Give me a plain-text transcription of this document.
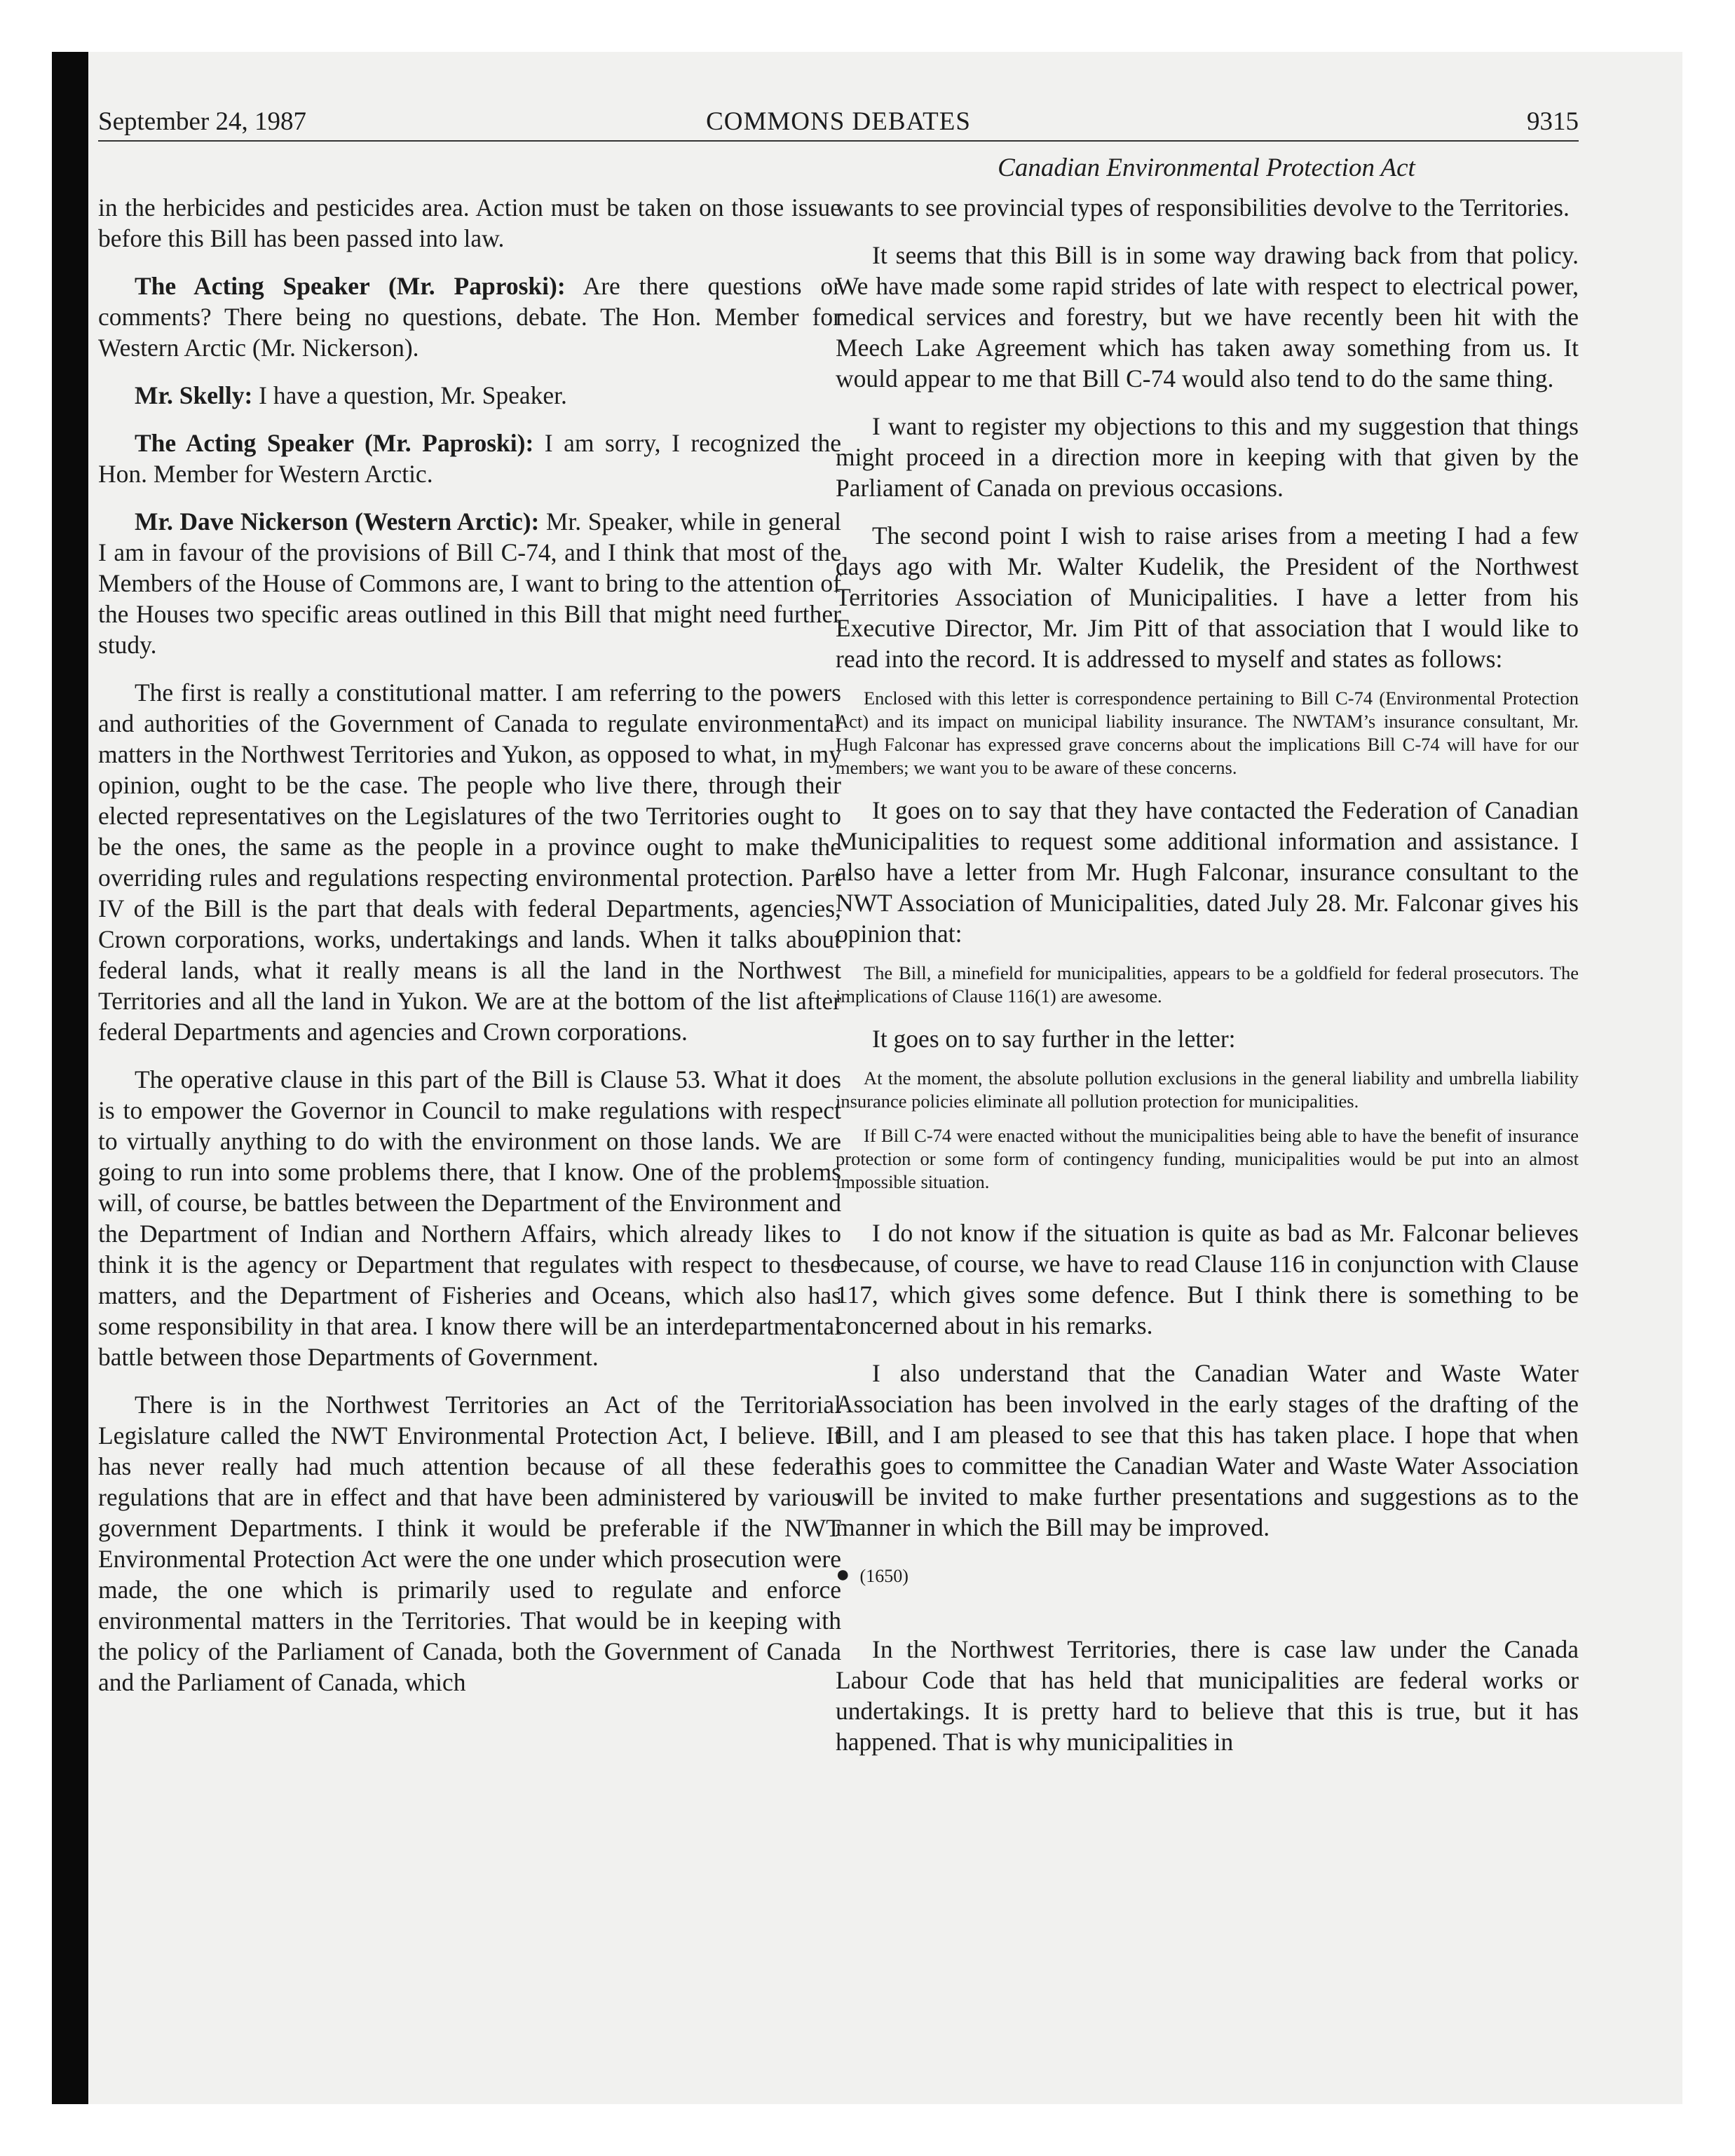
September 24, 1987	COMMONS DEBATES	9315
Canadian Environmental Protection Act

in the herbicides and pesticides area. Action must be taken on those issue before this Bill has been passed into law.

The Acting Speaker (Mr. Paproski): Are there questions or comments? There being no questions, debate. The Hon. Member for Western Arctic (Mr. Nickerson).

Mr. Skelly: I have a question, Mr. Speaker.

The Acting Speaker (Mr. Paproski): I am sorry, I recognized the Hon. Member for Western Arctic.

Mr. Dave Nickerson (Western Arctic): Mr. Speaker, while in general I am in favour of the provisions of Bill C-74, and I think that most of the Members of the House of Commons are, I want to bring to the attention of the Houses two specific areas outlined in this Bill that might need further study.

The first is really a constitutional matter. I am referring to the powers and authorities of the Government of Canada to regulate environmental matters in the Northwest Territories and Yukon, as opposed to what, in my opinion, ought to be the case. The people who live there, through their elected representatives on the Legislatures of the two Territories ought to be the ones, the same as the people in a province ought to make the overriding rules and regulations respecting environmental protection. Part IV of the Bill is the part that deals with federal Departments, agencies, Crown corporations, works, undertakings and lands. When it talks about federal lands, what it really means is all the land in the Northwest Territories and all the land in Yukon. We are at the bottom of the list after federal Departments and agencies and Crown corporations.

The operative clause in this part of the Bill is Clause 53. What it does is to empower the Governor in Council to make regulations with respect to virtually anything to do with the environment on those lands. We are going to run into some problems there, that I know. One of the problems will, of course, be battles between the Department of the Environment and the Department of Indian and Northern Affairs, which already likes to think it is the agency or Department that regulates with respect to these matters, and the Department of Fisheries and Oceans, which also has some responsibility in that area. I know there will be an interdepartmental battle between those Departments of Government.

There is in the Northwest Territories an Act of the Territorial Legislature called the NWT Environmental Protection Act, I believe. It has never really had much attention because of all these federal regulations that are in effect and that have been administered by various government Departments. I think it would be preferable if the NWT Environmental Protection Act were the one under which prosecution were made, the one which is primarily used to regulate and enforce environmental matters in the Territories. That would be in keeping with the policy of the Parliament of Canada, both the Government of Canada and the Parliament of Canada, which

wants to see provincial types of responsibilities devolve to the Territories.

It seems that this Bill is in some way drawing back from that policy. We have made some rapid strides of late with respect to electrical power, medical services and forestry, but we have recently been hit with the Meech Lake Agreement which has taken away something from us. It would appear to me that Bill C-74 would also tend to do the same thing.

I want to register my objections to this and my suggestion that things might proceed in a direction more in keeping with that given by the Parliament of Canada on previous occasions.

The second point I wish to raise arises from a meeting I had a few days ago with Mr. Walter Kudelik, the President of the Northwest Territories Association of Municipalities. I have a letter from his Executive Director, Mr. Jim Pitt of that association that I would like to read into the record. It is addressed to myself and states as follows:

Enclosed with this letter is correspondence pertaining to Bill C-74 (Environmental Protection Act) and its impact on municipal liability insurance. The NWTAM’s insurance consultant, Mr. Hugh Falconar has expressed grave concerns about the implications Bill C-74 will have for our members; we want you to be aware of these concerns.

It goes on to say that they have contacted the Federation of Canadian Municipalities to request some additional information and assistance. I also have a letter from Mr. Hugh Falconar, insurance consultant to the NWT Association of Municipalities, dated July 28. Mr. Falconar gives his opinion that:

The Bill, a minefield for municipalities, appears to be a goldfield for federal prosecutors. The implications of Clause 116(1) are awesome.

It goes on to say further in the letter:

At the moment, the absolute pollution exclusions in the general liability and umbrella liability insurance policies eliminate all pollution protection for municipalities.
If Bill C-74 were enacted without the municipalities being able to have the benefit of insurance protection or some form of contingency funding, municipalities would be put into an almost impossible situation.

I do not know if the situation is quite as bad as Mr. Falconar believes because, of course, we have to read Clause 116 in conjunction with Clause 117, which gives some defence. But I think there is something to be concerned about in his remarks.

I also understand that the Canadian Water and Waste Water Association has been involved in the early stages of the drafting of the Bill, and I am pleased to see that this has taken place. I hope that when this goes to committee the Canadian Water and Waste Water Association will be invited to make further presentations and suggestions as to the manner in which the Bill may be improved.

● (1650)

In the Northwest Territories, there is case law under the Canada Labour Code that has held that municipalities are federal works or undertakings. It is pretty hard to believe that this is true, but it has happened. That is why municipalities in
